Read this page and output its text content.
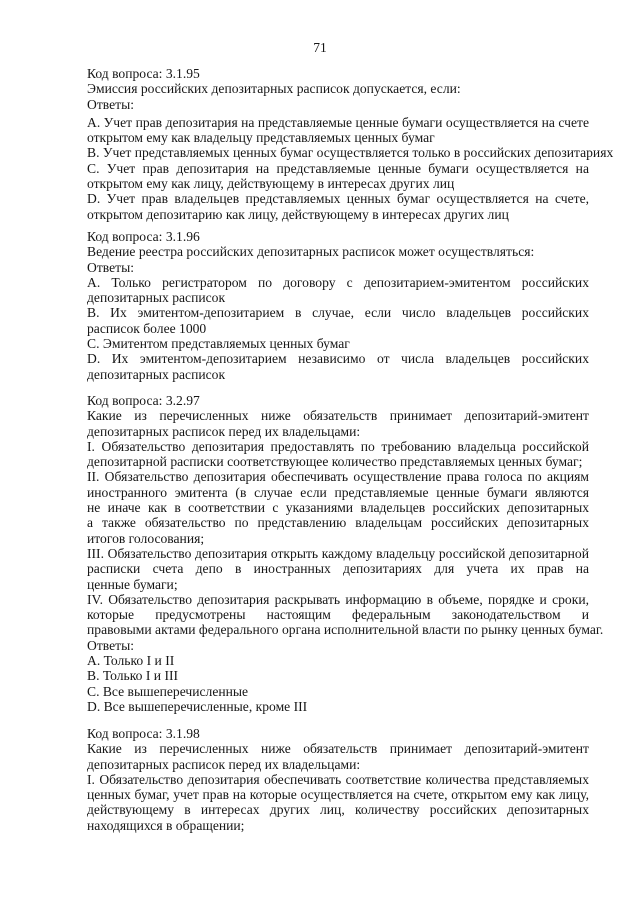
71
Код вопроса: 3.1.95
Эмиссия российских депозитарных расписок допускается, если:
Ответы:
A. Учет прав депозитария на представляемые ценные бумаги осуществляется на счете
открытом ему как владельцу представляемых ценных бумаг
B. Учет представляемых ценных бумаг осуществляется только в российских депозитариях
C. Учет прав депозитария на представляемые ценные бумаги осуществляется на
открытом ему как лицу, действующему в интересах других лиц
D. Учет прав владельцев представляемых ценных бумаг осуществляется на счете,
открытом депозитарию как лицу, действующему в интересах других лиц
Код вопроса: 3.1.96
Ведение реестра российских депозитарных расписок может осуществляться:
Ответы:
A. Только регистратором по договору с депозитарием-эмитентом российских
депозитарных расписок
B. Их эмитентом-депозитарием в случае, если число владельцев российских
расписок более 1000
C. Эмитентом представляемых ценных бумаг
D. Их эмитентом-депозитарием независимо от числа владельцев российских
депозитарных расписок
Код вопроса: 3.2.97
Какие из перечисленных ниже обязательств принимает депозитарий-эмитент
депозитарных расписок перед их владельцами:
I. Обязательство депозитария предоставлять по требованию владельца российской
депозитарной расписки соответствующее количество представляемых ценных бумаг;
II. Обязательство депозитария обеспечивать осуществление права голоса по акциям
иностранного эмитента (в случае если представляемые ценные бумаги являются
не иначе как в соответствии с указаниями владельцев российских депозитарных
а также обязательство по представлению владельцам российских депозитарных
итогов голосования;
III. Обязательство депозитария открыть каждому владельцу российской депозитарной
расписки счета депо в иностранных депозитариях для учета их прав на
ценные бумаги;
IV. Обязательство депозитария раскрывать информацию в объеме, порядке и сроки,
которые предусмотрены настоящим федеральным законодательством и
правовыми актами федерального органа исполнительной власти по рынку ценных бумаг.
Ответы:
A. Только I и II
B. Только I и III
C. Все вышеперечисленные
D. Все вышеперечисленные, кроме III
Код вопроса: 3.1.98
Какие из перечисленных ниже обязательств принимает депозитарий-эмитент
депозитарных расписок перед их владельцами:
I. Обязательство депозитария обеспечивать соответствие количества представляемых
ценных бумаг, учет прав на которые осуществляется на счете, открытом ему как лицу,
действующему в интересах других лиц, количеству российских депозитарных
находящихся в обращении;
